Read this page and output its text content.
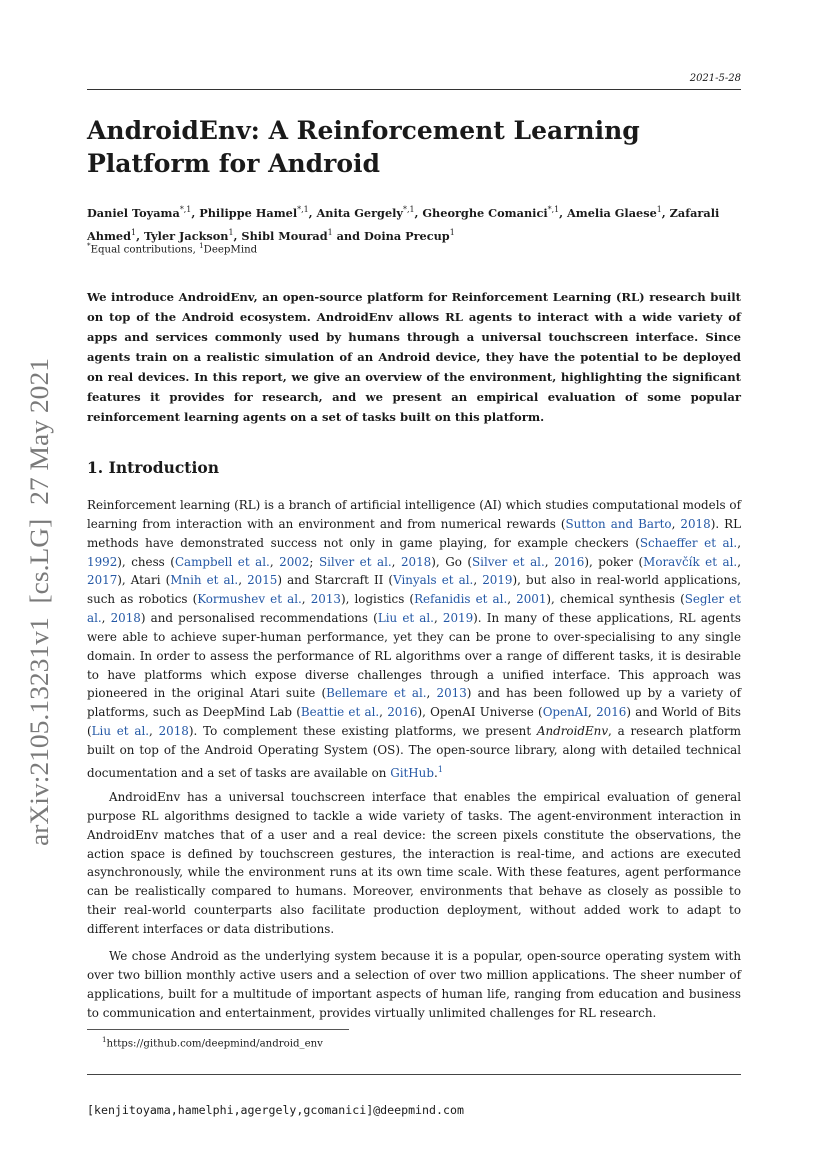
2021-5-28
AndroidEnv: A Reinforcement Learning
Platform for Android
Daniel Toyama$^{*,1}$, Philippe Hamel$^{*,1}$, Anita Gergely$^{*,1}$, Gheorghe Comanici$^{*,1}$, Amelia Glaese$^1$, Zafarali Ahmed$^1$, Tyler Jackson$^1$, Shibl Mourad$^1$ and Doina Precup$^1$
*Equal contributions, $^1$DeepMind
We introduce AndroidEnv, an open-source platform for Reinforcement Learning (RL) research built on top of the Android ecosystem. AndroidEnv allows RL agents to interact with a wide variety of apps and services commonly used by humans through a universal touchscreen interface. Since agents train on a realistic simulation of an Android device, they have the potential to be deployed on real devices. In this report, we give an overview of the environment, highlighting the significant features it provides for research, and we present an empirical evaluation of some popular reinforcement learning agents on a set of tasks built on this platform.
1. Introduction
Reinforcement learning (RL) is a branch of artificial intelligence (AI) which studies computational models of learning from interaction with an environment and from numerical rewards (Sutton and Barto, 2018). RL methods have demonstrated success not only in game playing, for example checkers (Schaeffer et al., 1992), chess (Campbell et al., 2002; Silver et al., 2018), Go (Silver et al., 2016), poker (Moravčík et al., 2017), Atari (Mnih et al., 2015) and Starcraft II (Vinyals et al., 2019), but also in real-world applications, such as robotics (Kormushev et al., 2013), logistics (Refanidis et al., 2001), chemical synthesis (Segler et al., 2018) and personalised recommendations (Liu et al., 2019). In many of these applications, RL agents were able to achieve super-human performance, yet they can be prone to over-specialising to any single domain. In order to assess the performance of RL algorithms over a range of different tasks, it is desirable to have platforms which expose diverse challenges through a unified interface. This approach was pioneered in the original Atari suite (Bellemare et al., 2013) and has been followed up by a variety of platforms, such as DeepMind Lab (Beattie et al., 2016), OpenAI Universe (OpenAI, 2016) and World of Bits (Liu et al., 2018). To complement these existing platforms, we present AndroidEnv, a research platform built on top of the Android Operating System (OS). The open-source library, along with detailed technical documentation and a set of tasks are available on GitHub.$^1$
AndroidEnv has a universal touchscreen interface that enables the empirical evaluation of general purpose RL algorithms designed to tackle a wide variety of tasks. The agent-environment interaction in AndroidEnv matches that of a user and a real device: the screen pixels constitute the observations, the action space is defined by touchscreen gestures, the interaction is real-time, and actions are executed asynchronously, while the environment runs at its own time scale. With these features, agent performance can be realistically compared to humans. Moreover, environments that behave as closely as possible to their real-world counterparts also facilitate production deployment, without added work to adapt to different interfaces or data distributions.
We chose Android as the underlying system because it is a popular, open-source operating system with over two billion monthly active users and a selection of over two million applications. The sheer number of applications, built for a multitude of important aspects of human life, ranging from education and business to communication and entertainment, provides virtually unlimited challenges for RL research.
$^1$https://github.com/deepmind/android_env
[kenjitoyama,hamelphi,agergely,gcomanici]@deepmind.com
arXiv:2105.13231v1  [cs.LG]  27 May 2021
